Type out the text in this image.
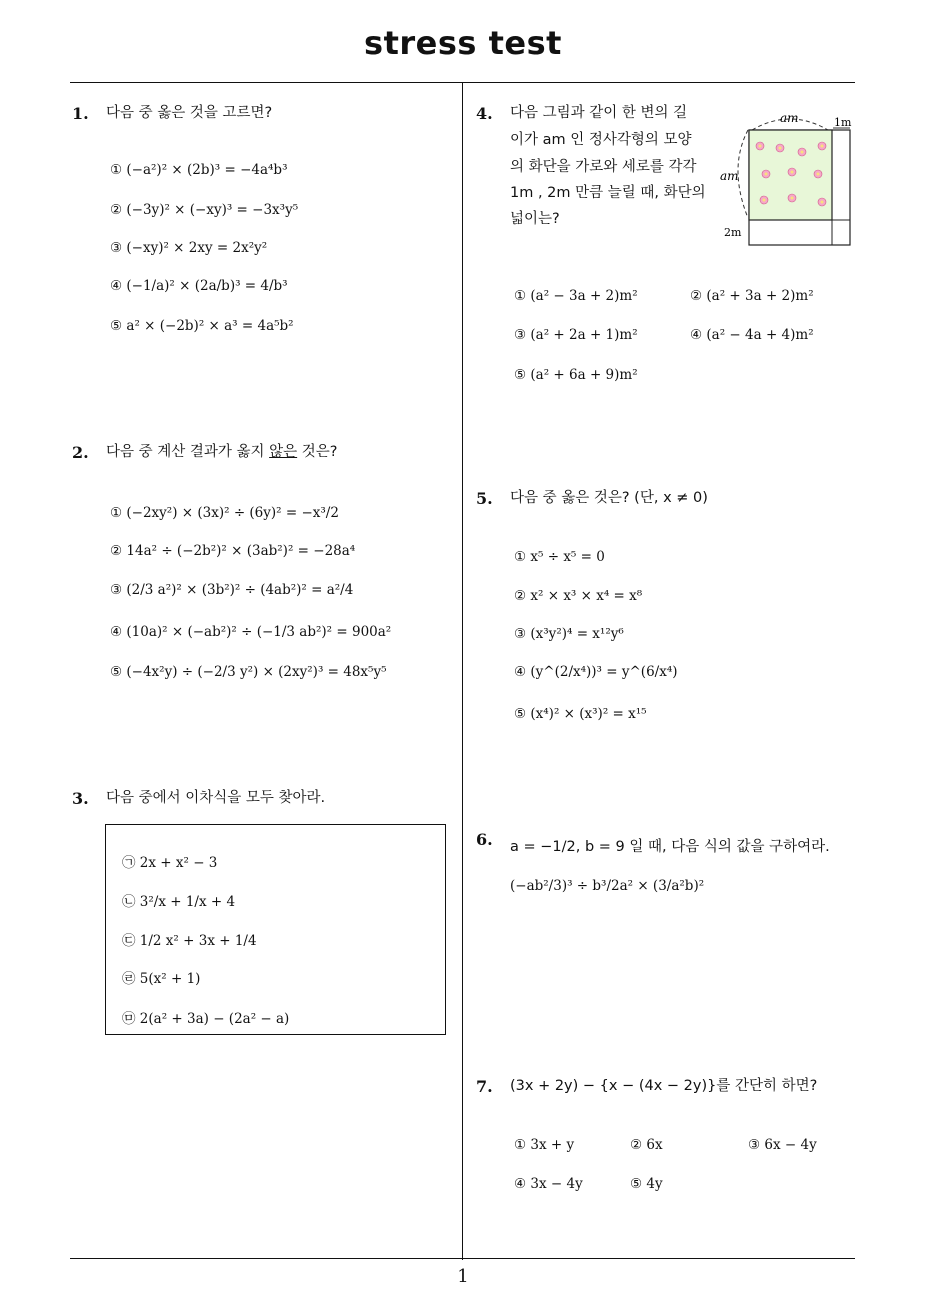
stress test
1
1. 다음 중 옳은 것을 고르면?
① (−a²)² × (2b)³ = −4a⁴b³
② (−3y)² × (−xy)³ = −3x³y⁵
③ (−xy)² × 2xy = 2x²y²
④ (−1/a)² × (2a/b)³ = 4/b³
⑤ a² × (−2b)² × a³ = 4a⁵b²
2. 다음 중 계산 결과가 옳지 않은 것은?
① (−2xy²) × (3x)² ÷ (6y)² = −x³/2
② 14a² ÷ (−2b²)² × (3ab²)² = −28a⁴
③ (2/3 a²)² × (3b²)² ÷ (4ab²)² = a²/4
④ (10a)² × (−ab²)² ÷ (−1/3 ab²)² = 900a²
⑤ (−4x²y) ÷ (−2/3 y²) × (2xy²)³ = 48x⁵y⁵
3. 다음 중에서 이차식을 모두 찾아라.
㉠ 2x + x² − 3
㉡ 3²/x + 1/x + 4
㉢ 1/2 x² + 3x + 1/4
㉣ 5(x² + 1)
㉤ 2(a² + 3a) − (2a² − a)
4. 다음 그림과 같이 한 변의 길
이가 am 인 정사각형의 모양
의 화단을 가로와 세로를 각각
1m , 2m 만큼 늘릴 때, 화단의
넓이는?
am	1m
am
2m
① (a² − 3a + 2)m²	② (a² + 3a + 2)m²
③ (a² + 2a + 1)m²	④ (a² − 4a + 4)m²
⑤ (a² + 6a + 9)m²
5. 다음 중 옳은 것은? (단, x ≠ 0)
① x⁵ ÷ x⁵ = 0
② x² × x³ × x⁴ = x⁸
③ (x³y²)⁴ = x¹²y⁶
④ (y^(2/x⁴))³ = y^(6/x⁴)
⑤ (x⁴)² × (x³)² = x¹⁵
6. a = −1/2, b = 9 일 때, 다음 식의 값을 구하여라.
(−ab²/3)³ ÷ b³/2a² × (3/a²b)²
7. (3x + 2y) − {x − (4x − 2y)}를 간단히 하면?
① 3x + y	② 6x	③ 6x − 4y
④ 3x − 4y	⑤ 4y
